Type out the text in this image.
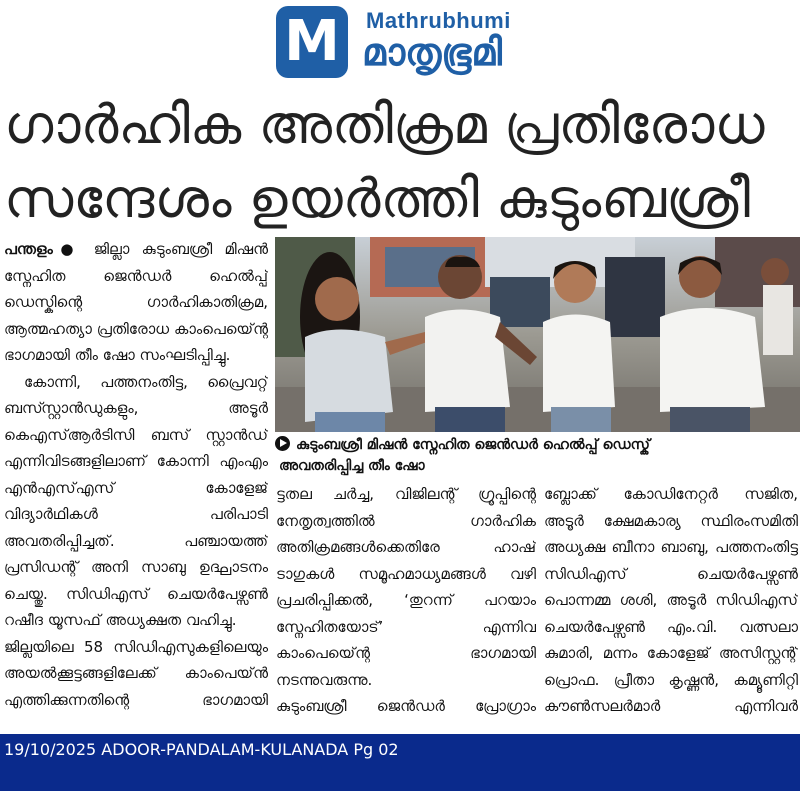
M	Mathrubhumi
മാതൃഭൂമി
ഗാർഹിക അതിക്രമ പ്രതിരോധ
സന്ദേശം ഉയർത്തി കുടുംബശ്രീ

പന്തളം● ജില്ലാ കുടുംബശ്രീ മിഷൻ സ്നേഹിത ജെൻഡർ ഹെൽപ്പ് ഡെസ്കിന്റെ ഗാർഹികാതിക്രമ, ആത്മഹത്യാ പ്രതിരോധ കാംപെയ്ന്റെ ഭാഗമായി തീം ഷോ സംഘടിപ്പിച്ചു.

കോന്നി, പത്തനംതിട്ട, പ്രൈവറ്റ് ബസ്സ്റ്റാൻഡുകളും, അടൂർ കെഎസ്ആർടിസി ബസ് സ്റ്റാൻഡ് എന്നിവിടങ്ങളിലാണ് കോന്നി എംഎം എൻഎസ്എസ് കോളേജ് വിദ്യാർഥികൾ പരിപാടി അവതരിപ്പിച്ചത്. പഞ്ചായത്ത് പ്രസിഡന്റ് അനി സാബു ഉദ്ഘാടനം ചെയ്തു. സിഡിഎസ് ചെയർപേഴ്സൺ റഷീദ യൂസഫ് അധ്യക്ഷത വഹിച്ചു.

ജില്ലയിലെ 58 സിഡിഎസുകളിലെയും അയൽക്കൂട്ടങ്ങളിലേക്ക് കാംപെയ്ൻ എത്തിക്കുന്നതിന്റെ ഭാഗമായി

കുടുംബശ്രീ മിഷൻ സ്നേഹിത ജെൻഡർ ഹെൽപ്പ് ഡെസ്ക്
അവതരിപ്പിച്ച തീം ഷോ

ട്ടതല ചർച്ച, വിജിലന്റ് ഗ്രൂപ്പിന്റെ നേതൃത്വത്തിൽ ഗാർഹിക അതിക്രമങ്ങൾക്കെതിരേ ഹാഷ് ടാഗുകൾ സമൂഹമാധ്യമങ്ങൾ വഴി പ്രചരിപ്പിക്കൽ, ‘തുറന്ന് പറയാം സ്നേഹിതയോട്’ എന്നിവ കാംപെയ്ന്റെ ഭാഗമായി നടന്നുവരുന്നു.

കുടുംബശ്രീ ജെൻഡർ പ്രോഗ്രാം

ബ്ലോക്ക് കോഡിനേറ്റർ സജിത, അടൂർ ക്ഷേമകാര്യ സ്ഥിരംസമിതി അധ്യക്ഷ ബീനാ ബാബു, പത്തനംതിട്ട സിഡിഎസ് ചെയർപേഴ്സൺ പൊന്നമ്മ ശശി, അടൂർ സിഡിഎസ് ചെയർപേഴ്സൺ എം.വി. വത്സലാ കുമാരി, മന്നം കോളേജ് അസിസ്റ്റന്റ് പ്രൊഫ. പ്രീതാ കൃഷ്ണൻ, കമ്യൂണിറ്റി കൗൺസലർമാർ എന്നിവർ

19/10/2025 ADOOR-PANDALAM-KULANADA Pg 02
